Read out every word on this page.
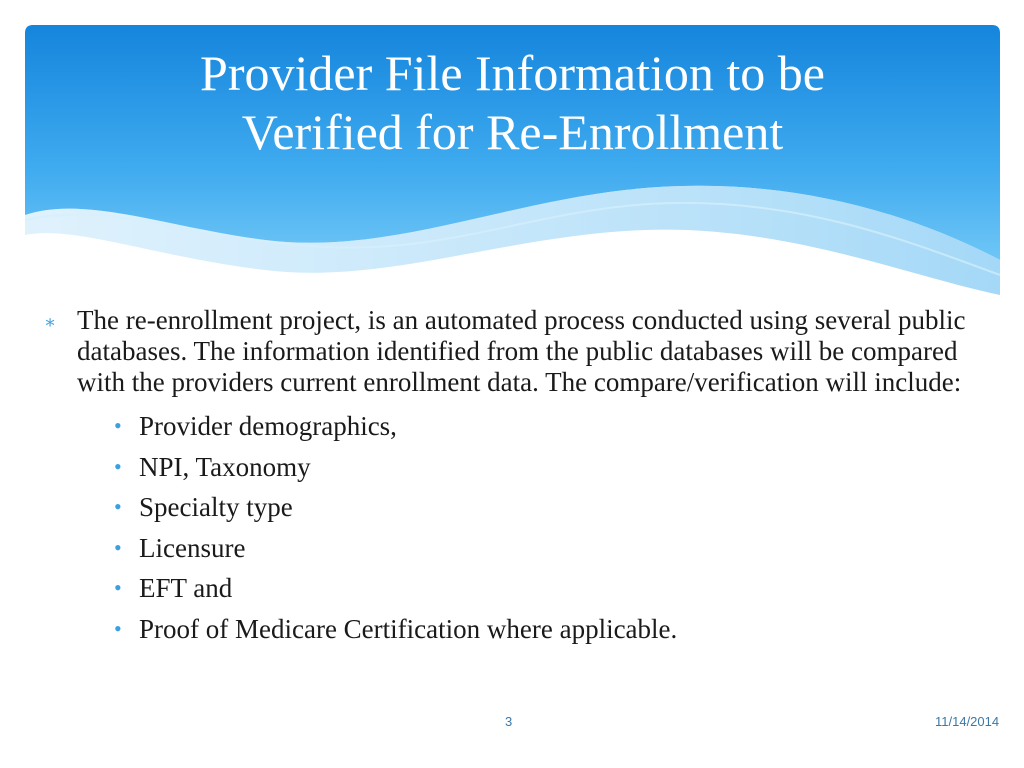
Provider File Information to be
Verified for Re-Enrollment
∗ The re-enrollment project, is an automated process conducted using several public databases. The information identified from the public databases will be compared with the providers current enrollment data. The compare/verification will include:
• Provider demographics,
• NPI, Taxonomy
• Specialty type
• Licensure
• EFT and
• Proof of Medicare Certification where applicable.
3	11/14/2014
